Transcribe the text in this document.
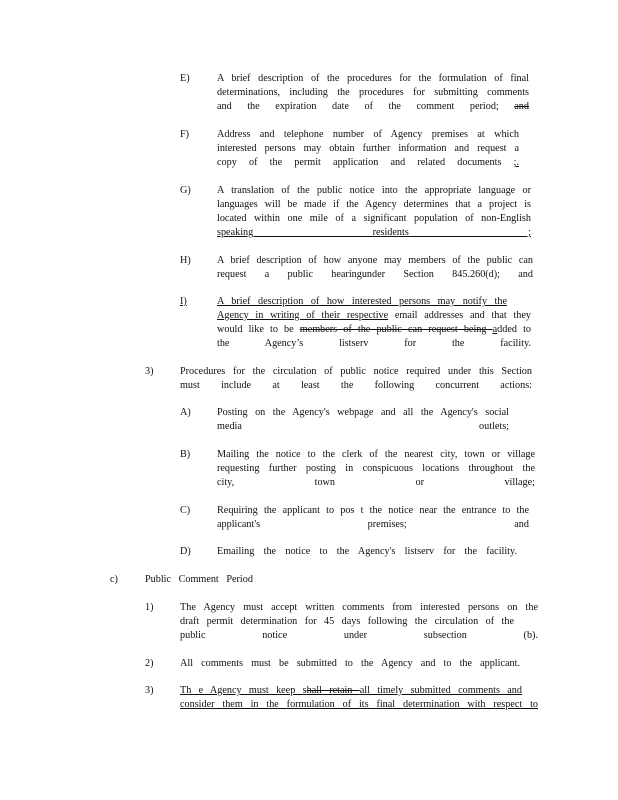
E)	A brief description of the procedures for the formulation of final
determinations, including the procedures for submitting comments
and the expiration date of the comment period; and
F)	Address and telephone number of Agency premises at which
interested persons may obtain further information and request a
copy of the permit application and related documents ;.
G)	A translation of the public notice into the appropriate language or
languages will be made if the Agency determines that a project is
located within one mile of a significant population of non-English
speaking residents ;
H)	A brief description of how anyone may members of the public can
request a public hearingunder Section 845.260(d); and
I)	A brief description of how interested persons may notify the
Agency in writing of their respective email addresses and that they
would like to be members of the public can request being added to
the Agency’s listserv for the facility.
3)	Procedures for the circulation of public notice required under this Section
must include at least the following concurrent actions:
A)	Posting on the Agency's webpage and all the Agency's social
media outlets;
B)	Mailing the notice to the clerk of the nearest city, town or village
requesting further posting in conspicuous locations throughout the
city, town or village;
C)	Requiring the applicant to pos t the notice near the entrance to the
applicant's premises; and
D)	Emailing the notice to the Agency's listserv for the facility.
c)	Public Comment Period
1)	The Agency must accept written comments from interested persons on the
draft permit determination for 45 days following the circulation of the
public notice under subsection (b).
2)	All comments must be submitted to the Agency and to the applicant.
3)	Th e Agency must keep shall retain all timely submitted comments and
consider them in the formulation of its final determination with respect to
